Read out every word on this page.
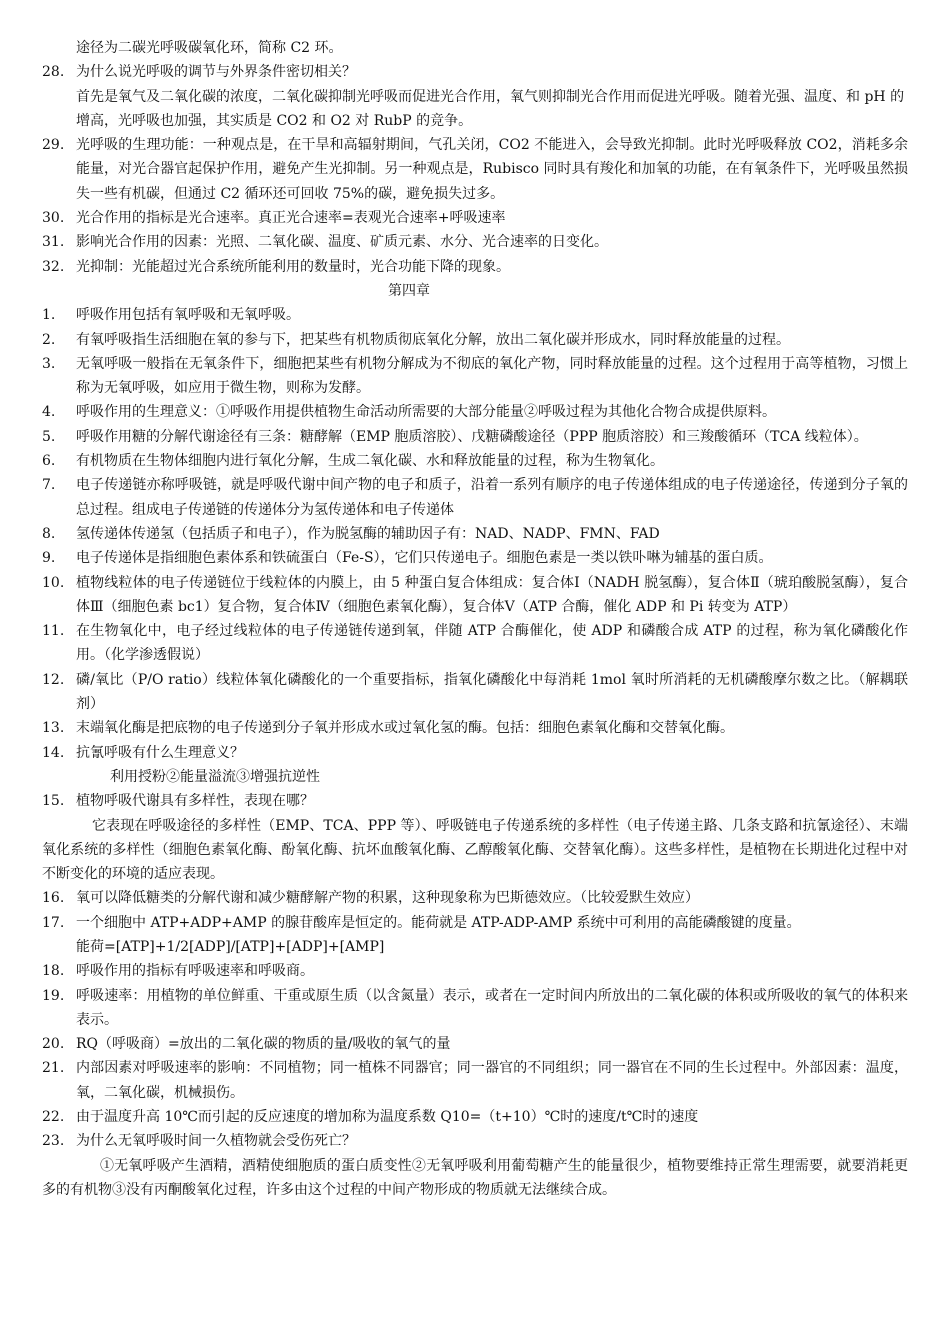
途径为二碳光呼吸碳氧化环，简称 C2 环。
28. 为什么说光呼吸的调节与外界条件密切相关？
首先是氧气及二氧化碳的浓度，二氧化碳抑制光呼吸而促进光合作用，氧气则抑制光合作用而促进光呼吸。随着光强、温度、和 pH 的增高，光呼吸也加强，其实质是 CO2 和 O2 对 RubP 的竞争。
29. 光呼吸的生理功能：一种观点是，在干旱和高辐射期间，气孔关闭，CO2 不能进入，会导致光抑制。此时光呼吸释放 CO2，消耗多余能量，对光合器官起保护作用，避免产生光抑制。另一种观点是，Rubisco 同时具有羧化和加氧的功能，在有氧条件下，光呼吸虽然损失一些有机碳，但通过 C2 循环还可回收 75%的碳，避免损失过多。
30. 光合作用的指标是光合速率。真正光合速率=表观光合速率+呼吸速率
31. 影响光合作用的因素：光照、二氧化碳、温度、矿质元素、水分、光合速率的日变化。
32. 光抑制：光能超过光合系统所能利用的数量时，光合功能下降的现象。
第四章
1.	呼吸作用包括有氧呼吸和无氧呼吸。
2.	有氧呼吸指生活细胞在氧的参与下，把某些有机物质彻底氧化分解，放出二氧化碳并形成水，同时释放能量的过程。
3.	无氧呼吸一般指在无氧条件下，细胞把某些有机物分解成为不彻底的氧化产物，同时释放能量的过程。这个过程用于高等植物，习惯上称为无氧呼吸，如应用于微生物，则称为发酵。
4.	呼吸作用的生理意义：①呼吸作用提供植物生命活动所需要的大部分能量②呼吸过程为其他化合物合成提供原料。
5.	呼吸作用糖的分解代谢途径有三条：糖酵解（EMP 胞质溶胶）、戊糖磷酸途径（PPP 胞质溶胶）和三羧酸循环（TCA 线粒体）。
6.	有机物质在生物体细胞内进行氧化分解，生成二氧化碳、水和释放能量的过程，称为生物氧化。
7.	电子传递链亦称呼吸链，就是呼吸代谢中间产物的电子和质子，沿着一系列有顺序的电子传递体组成的电子传递途径，传递到分子氧的总过程。组成电子传递链的传递体分为氢传递体和电子传递体
8.	氢传递体传递氢（包括质子和电子），作为脱氢酶的辅助因子有：NAD、NADP、FMN、FAD
9.	电子传递体是指细胞色素体系和铁硫蛋白（Fe-S），它们只传递电子。细胞色素是一类以铁卟啉为辅基的蛋白质。
10. 植物线粒体的电子传递链位于线粒体的内膜上，由 5 种蛋白复合体组成：复合体Ⅰ（NADH 脱氢酶），复合体Ⅱ（琥珀酸脱氢酶），复合体Ⅲ（细胞色素 bc1）复合物，复合体Ⅳ（细胞色素氧化酶），复合体Ⅴ（ATP 合酶，催化 ADP 和 Pi 转变为 ATP）
11. 在生物氧化中，电子经过线粒体的电子传递链传递到氧，伴随 ATP 合酶催化，使 ADP 和磷酸合成 ATP 的过程，称为氧化磷酸化作用。（化学渗透假说）
12. 磷/氧比（P/O ratio）线粒体氧化磷酸化的一个重要指标，指氧化磷酸化中每消耗 1mol 氧时所消耗的无机磷酸摩尔数之比。（解耦联剂）
13. 末端氧化酶是把底物的电子传递到分子氧并形成水或过氧化氢的酶。包括：细胞色素氧化酶和交替氧化酶。
14. 抗氰呼吸有什么生理意义？
利用授粉②能量溢流③增强抗逆性
15. 植物呼吸代谢具有多样性，表现在哪？
它表现在呼吸途径的多样性（EMP、TCA、PPP 等）、呼吸链电子传递系统的多样性（电子传递主路、几条支路和抗氰途径）、末端氧化系统的多样性（细胞色素氧化酶、酚氧化酶、抗坏血酸氧化酶、乙醇酸氧化酶、交替氧化酶）。这些多样性，是植物在长期进化过程中对不断变化的环境的适应表现。
16. 氧可以降低糖类的分解代谢和减少糖酵解产物的积累，这种现象称为巴斯德效应。（比较爱默生效应）
17. 一个细胞中 ATP+ADP+AMP 的腺苷酸库是恒定的。能荷就是 ATP-ADP-AMP 系统中可利用的高能磷酸键的度量。
能荷=[ATP]+1/2[ADP]/[ATP]+[ADP]+[AMP]
18. 呼吸作用的指标有呼吸速率和呼吸商。
19. 呼吸速率：用植物的单位鲜重、干重或原生质（以含氮量）表示，或者在一定时间内所放出的二氧化碳的体积或所吸收的氧气的体积来表示。
20. RQ（呼吸商）=放出的二氧化碳的物质的量/吸收的氧气的量
21. 内部因素对呼吸速率的影响：不同植物；同一植株不同器官；同一器官的不同组织；同一器官在不同的生长过程中。外部因素：温度，氧，二氧化碳，机械损伤。
22. 由于温度升高 10℃而引起的反应速度的增加称为温度系数 Q10=（t+10）℃时的速度/t℃时的速度
23. 为什么无氧呼吸时间一久植物就会受伤死亡？
①无氧呼吸产生酒精，酒精使细胞质的蛋白质变性②无氧呼吸利用葡萄糖产生的能量很少，植物要维持正常生理需要，就要消耗更多的有机物③没有丙酮酸氧化过程，许多由这个过程的中间产物形成的物质就无法继续合成。
